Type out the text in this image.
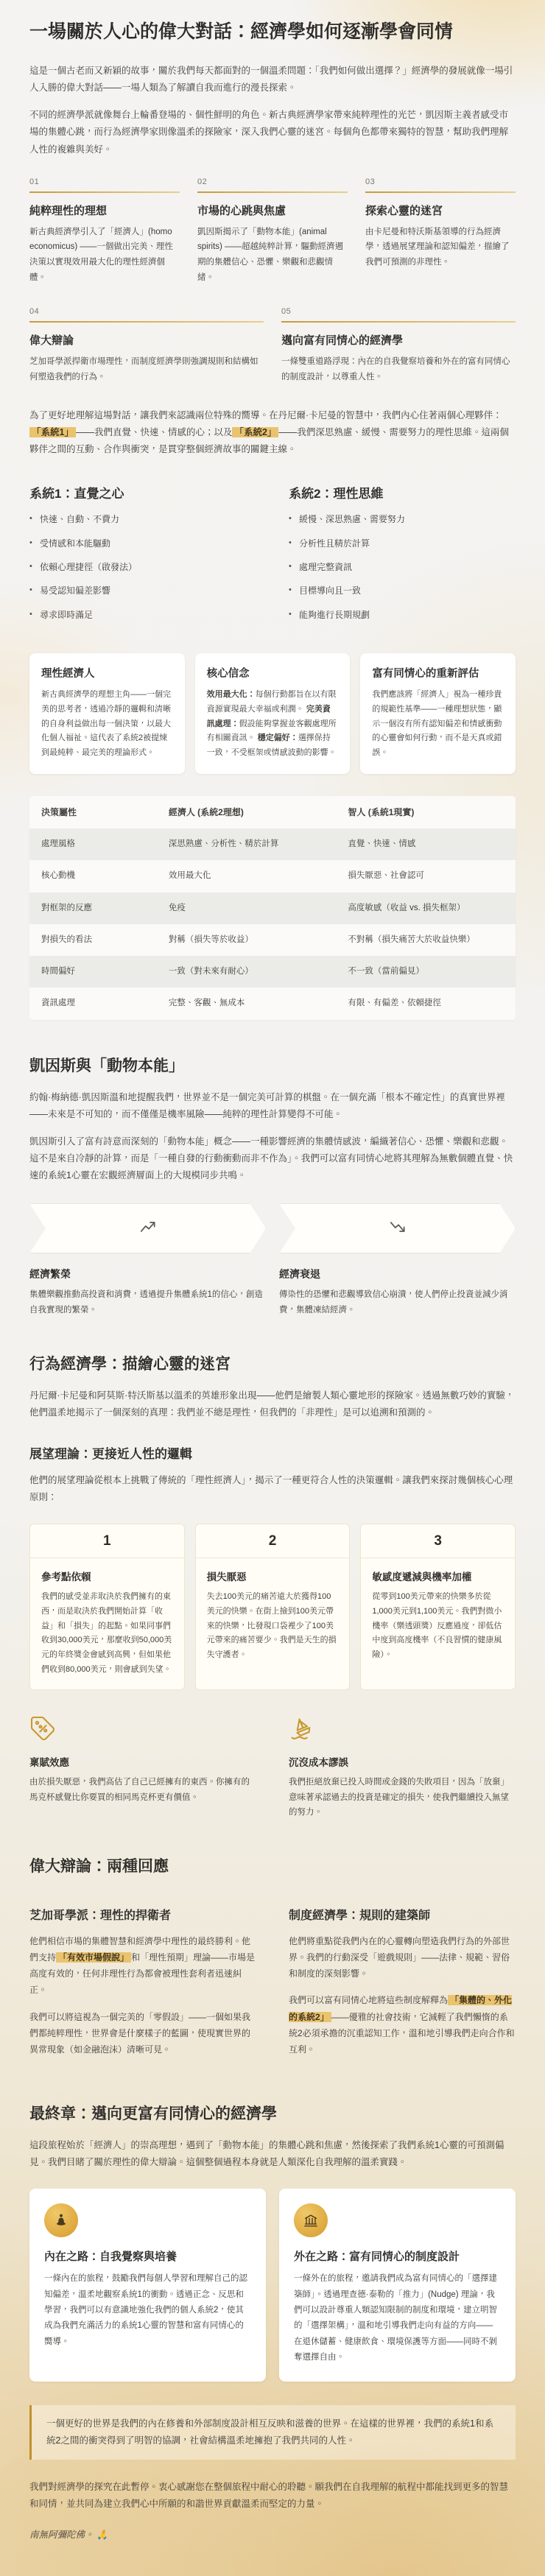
一場關於人心的偉大對話：經濟學如何逐漸學會同情

這是一個古老而又新穎的故事，關於我們每天都面對的一個溫柔問題：「我們如何做出選擇？」經濟學的發展就像一場引人入勝的偉大對話——一場人類為了解讀自我而進行的漫長探索。

不同的經濟學派就像舞台上輪番登場的、個性鮮明的角色。新古典經濟學家帶來純粹理性的光芒，凱因斯主義者感受市場的集體心跳，而行為經濟學家則像溫柔的探險家，深入我們心靈的迷宮。每個角色都帶來獨特的智慧，幫助我們理解人性的複雜與美好。

01
純粹理性的理想

新古典經濟學引入了「經濟人」(homo economicus) ——一個做出完美、理性決策以實現效用最大化的理性經濟個體。

02
市場的心跳與焦慮

凱因斯揭示了「動物本能」(animal spirits) ——超越純粹計算，驅動經濟週期的集體信心、恐懼、樂觀和悲觀情緒。

03
探索心靈的迷宮

由卡尼曼和特沃斯基領導的行為經濟學，透過展望理論和認知偏差，描繪了我們可預測的非理性。

04
偉大辯論

芝加哥學派捍衛市場理性，而制度經濟學則強調規則和結構如何塑造我們的行為。

05
邁向富有同情心的經濟學

一條雙重道路浮現：內在的自我覺察培養和外在的富有同情心的制度設計，以尊重人性。

為了更好地理解這場對話，讓我們來認識兩位特殊的嚮導。在丹尼爾·卡尼曼的智慧中，我們內心住著兩個心理夥伴：「系統1」 ——我們直覺、快速、情感的心；以及 「系統2」 ——我們深思熟慮、緩慢、需要努力的理性思維。這兩個夥伴之間的互動、合作與衝突，是貫穿整個經濟故事的關鍵主線。

系統1：直覺之心
• 快速、自動、不費力
• 受情感和本能驅動
• 依賴心理捷徑（啟發法）
• 易受認知偏差影響
• 尋求即時滿足
系統2：理性思維
• 緩慢、深思熟慮、需要努力
• 分析性且精於計算
• 處理完整資訊
• 目標導向且一致
• 能夠進行長期規劃
理性經濟人

新古典經濟學的理想主角——一個完美的思考者，透過冷靜的邏輯和清晰的自身利益做出每一個決策，以最大化個人福祉。這代表了系統2被提煉到最純粹、最完美的理論形式。

核心信念

效用最大化：每個行動都旨在以有限資源實現最大幸福或利潤。 完美資訊處理：假設能夠掌握並客觀處理所有相關資訊。 穩定偏好：選擇保持一致，不受框架或情感波動的影響。

富有同情心的重新評估

我們應該將「經濟人」視為一種珍貴的規範性基準——一種理想狀態，顯示一個沒有所有認知偏差和情感衝動的心靈會如何行動，而不是天真或錯誤。

決策屬性	經濟人 (系統2理想)	智人 (系統1現實)
處理風格	深思熟慮、分析性、精於計算	直覺、快速、情感
核心動機	效用最大化	損失厭惡、社會認可
對框架的反應	免疫	高度敏感（收益 vs. 損失框架）
對損失的看法	對稱（損失等於收益）	不對稱（損失痛苦大於收益快樂）
時間偏好	一致（對未來有耐心）	不一致（當前偏見）
資訊處理	完整、客觀、無成本	有限、有偏差、依賴捷徑
凱因斯與「動物本能」

約翰·梅納德·凱因斯溫和地提醒我們，世界並不是一個完美可計算的棋盤。在一個充滿「根本不確定性」的真實世界裡——未來是不可知的，而不僅僅是機率風險——純粹的理性計算變得不可能。

凱因斯引入了富有詩意而深刻的「動物本能」概念——一種影響經濟的集體情感波，編織著信心、恐懼、樂觀和悲觀。這不是來自冷靜的計算，而是「一種自發的行動衝動而非不作為」。我們可以富有同情心地將其理解為無數個體直覺、快速的系統1心靈在宏觀經濟層面上的大規模同步共鳴。

經濟繁榮

集體樂觀推動高投資和消費，透過提升集體系統1的信心，創造自我實現的繁榮。

經濟衰退

傳染性的恐懼和悲觀導致信心崩潰，使人們停止投資並減少消費，集體凍結經濟。

行為經濟學：描繪心靈的迷宮

丹尼爾·卡尼曼和阿莫斯·特沃斯基以溫柔的英雄形象出現——他們是繪製人類心靈地形的探險家。透過無數巧妙的實驗，他們溫柔地揭示了一個深刻的真理：我們並不總是理性，但我們的「非理性」是可以追溯和預測的。

展望理論：更接近人性的邏輯

他們的展望理論從根本上挑戰了傳統的「理性經濟人」，揭示了一種更符合人性的決策邏輯。讓我們來探討幾個核心心理原則：

1
參考點依賴

我們的感受並非取決於我們擁有的東西，而是取決於我們開始計算「收益」和「損失」的起點。如果同事們收到30,000美元，那麼收到50,000美元的年終獎金會感到高興，但如果他們收到80,000美元，則會感到失望。

2
損失厭惡

失去100美元的痛苦遠大於獲得100美元的快樂。在街上撿到100美元帶來的快樂，比發現口袋裡少了100美元帶來的痛苦要少。我們是天生的損失守護者。

3
敏感度遞減與機率加權

從零到100美元帶來的快樂多於從1,000美元到1,100美元。我們對微小機率（樂透頭獎）反應過度，卻低估中度到高度機率（不良習慣的健康風險）。

稟賦效應

由於損失厭惡，我們高估了自己已經擁有的東西。你擁有的馬克杯感覺比你要買的相同馬克杯更有價值。

沉沒成本謬誤

我們拒絕放棄已投入時間或金錢的失敗項目，因為「放棄」意味著承認過去的投資是確定的損失，使我們繼續投入無望的努力。

偉大辯論：兩種回應
芝加哥學派：理性的捍衛者

他們相信市場的集體智慧和經濟學中理性的最終勝利。他們支持 「有效市場假說」 和「理性預期」理論——市場是高度有效的，任何非理性行為都會被理性套利者迅速糾正。

我們可以將這視為一個完美的「零假設」——一個如果我們都純粹理性，世界會是什麼樣子的藍圖，使現實世界的異常現象（如金融泡沫）清晰可見。

制度經濟學：規則的建築師

他們將重點從我們內在的心靈轉向塑造我們行為的外部世界。我們的行動深受「遊戲規則」——法律、規範、習俗和制度的深刻影響。

我們可以富有同情心地將這些制度解釋為 「集體的、外化的系統2」 ——優雅的社會技術，它減輕了我們懶惰的系統2必須承擔的沉重認知工作，溫和地引導我們走向合作和互利。

最終章：邁向更富有同情心的經濟學

這段旅程始於「經濟人」的崇高理想，遇到了「動物本能」的集體心跳和焦慮，然後探索了我們系統1心靈的可預測偏見。我們目睹了關於理性的偉大辯論。這個整個過程本身就是人類深化自我理解的溫柔實踐。

內在之路：自我覺察與培養

一條內在的旅程，鼓勵我們每個人學習和理解自己的認知偏差，溫柔地觀察系統1的衝動。透過正念、反思和學習，我們可以有意識地強化我們的個人系統2，使其成為我們充滿活力的系統1心靈的智慧和富有同情心的嚮導。

外在之路：富有同情心的制度設計

一條外在的旅程，邀請我們成為富有同情心的「選擇建築師」。透過理查德·泰勒的「推力」(Nudge) 理論，我們可以設計尊重人類認知限制的制度和環境，建立明智的「選擇架構」，溫和地引導我們走向有益的方向——在退休儲蓄、健康飲食、環境保護等方面——同時不剝奪選擇自由。

一個更好的世界是我們的內在修養和外部制度設計相互反映和滋養的世界。在這樣的世界裡，我們的系統1和系統2之間的衝突得到了明智的協調，社會結構溫柔地擁抱了我們共同的人性。

我們對經濟學的探究在此暫停。衷心感謝您在整個旅程中耐心的聆聽。願我們在自我理解的航程中都能找到更多的智慧和同情，並共同為建立我們心中所願的和諧世界貢獻溫柔而堅定的力量。

南無阿彌陀佛。 🙏
